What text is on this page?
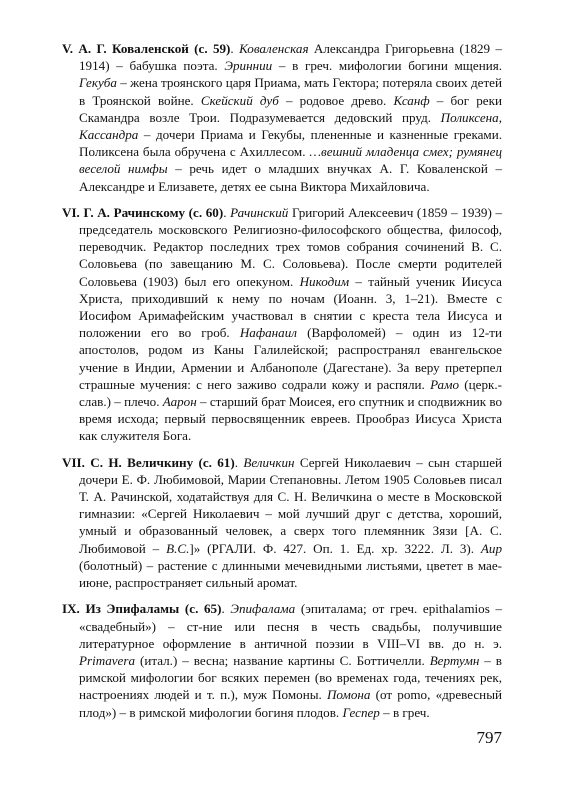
V. А. Г. Коваленской (с. 59). Коваленская Александра Григорьевна (1829 – 1914) – бабушка поэта. Эриннии – в греч. мифологии богини мщения. Гекуба – жена троянского царя Приама, мать Гектора; потеряла своих детей в Троянской войне. Скейский дуб – родовое древо. Ксанф – бог реки Скамандра возле Трои. Подразумевается дедовский пруд. Поликсена, Кассандра – дочери Приама и Гекубы, плененные и казненные греками. Поликсена была обручена с Ахиллесом. …вешний младенца смех; румянец веселой нимфы – речь идет о младших внучках А. Г. Коваленской – Александре и Елизавете, детях ее сына Виктора Михайловича.

VI. Г. А. Рачинскому (с. 60). Рачинский Григорий Алексеевич (1859 – 1939) – председатель московского Религиозно-философского общества, философ, переводчик. Редактор последних трех томов собрания сочинений В. С. Соловьева (по завещанию М. С. Соловьева). После смерти родителей Соловьева (1903) был его опекуном. Никодим – тайный ученик Иисуса Христа, приходивший к нему по ночам (Иоанн. 3, 1–21). Вместе с Иосифом Аримафейским участвовал в снятии с креста тела Иисуса и положении его во гроб. Нафанаил (Варфоломей) – один из 12-ти апостолов, родом из Каны Галилейской; распространял евангельское учение в Индии, Армении и Албанополе (Дагестане). За веру претерпел страшные мучения: с него заживо содрали кожу и распяли. Рамо (церк.-слав.) – плечо. Аарон – старший брат Моисея, его спутник и сподвижник во время исхода; первый первосвященник евреев. Прообраз Иисуса Христа как служителя Бога.

VII. С. Н. Величкину (с. 61). Величкин Сергей Николаевич – сын старшей дочери Е. Ф. Любимовой, Марии Степановны. Летом 1905 Соловьев писал Т. А. Рачинской, ходатайствуя для С. Н. Величкина о месте в Московской гимназии: «Сергей Николаевич – мой лучший друг с детства, хороший, умный и образованный человек, а сверх того племянник Зязи [А. С. Любимовой – В.С.]» (РГАЛИ. Ф. 427. Оп. 1. Ед. хр. 3222. Л. 3). Аир (болотный) – растение с длинными мечевидными листьями, цветет в мае-июне, распространяет сильный аромат.

IX. Из Эпифаламы (с. 65). Эпифалама (эпиталама; от греч. epithalamios – «свадебный») – ст-ние или песня в честь свадьбы, получившие литературное оформление в античной поэзии в VIII–VI вв. до н. э. Primavera (итал.) – весна; название картины С. Боттичелли. Вертумн – в римской мифологии бог всяких перемен (во временах года, течениях рек, настроениях людей и т. п.), муж Помоны. Помона (от pomo, «древесный плод») – в римской мифологии богиня плодов. Геспер – в греч.

797
